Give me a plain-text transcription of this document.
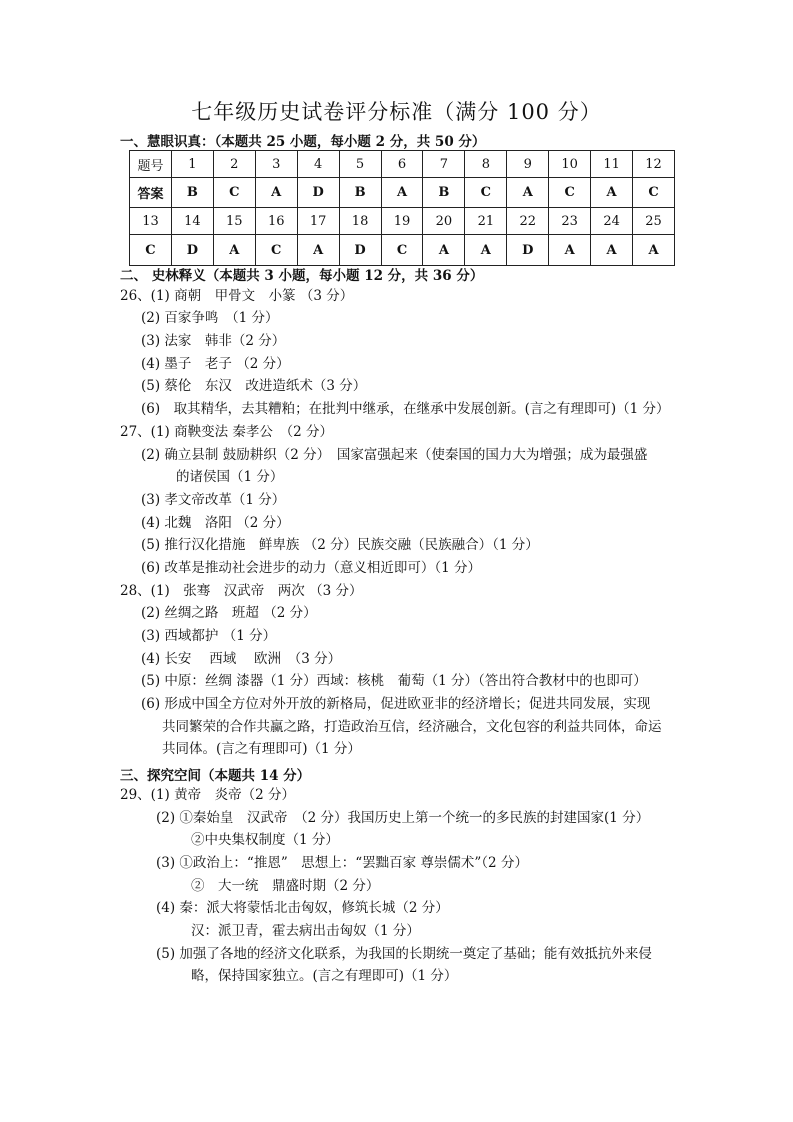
七年级历史试卷评分标准（满分 100 分）
一、慧眼识真：（本题共 25 小题，每小题 2 分，共 50 分）
题号	1	2	3	4	5	6	7	8	9	10	11	12
答案	B	C	A	D	B	A	B	C	A	C	A	C
13	14	15	16	17	18	19	20	21	22	23	24	25
C	D	A	C	A	D	C	A	A	D	A	A	A
二、 史林释义（本题共 3 小题，每小题 12 分，共 36 分）
26、(1) 商朝　甲骨文　小篆 （3 分）
(2) 百家争鸣　（1 分）
(3) 法家　韩非（2 分）
(4) 墨子　老子 （2 分）
(5) 蔡伦　东汉　改进造纸术（3 分）
(6)　取其精华，去其糟粕；在批判中继承，在继承中发展创新。(言之有理即可)（1 分）
27、(1) 商鞅变法 秦孝公　（2 分）
(2) 确立县制 鼓励耕织（2 分）　国家富强起来（使秦国的国力大为增强；成为最强盛
的诸侯国（1 分）
(3) 孝文帝改革（1 分）
(4) 北魏　洛阳 （2 分）
(5) 推行汉化措施　鲜卑族 （2 分）民族交融（民族融合）（1 分）
(6) 改革是推动社会进步的动力（意义相近即可）（1 分）
28、(1)　张骞　汉武帝　两次 （3 分）
(2) 丝绸之路　班超 （2 分）
(3) 西域都护 （1 分）
(4) 长安　 西域　 欧洲　（3 分）
(5) 中原：丝绸 漆器（1 分）西域：核桃　葡萄（1 分）（答出符合教材中的也即可）
(6) 形成中国全方位对外开放的新格局，促进欧亚非的经济增长；促进共同发展，实现
共同繁荣的合作共赢之路，打造政治互信，经济融合，文化包容的利益共同体，命运
共同体。(言之有理即可)（1 分）
三、探究空间（本题共 14 分）
29、(1) 黄帝　炎帝（2 分）
(2) ①秦始皇　汉武帝　（2 分）我国历史上第一个统一的多民族的封建国家(1 分）
②中央集权制度（1 分）
(3) ①政治上：“推恩”　思想上：“罢黜百家 尊崇儒术”（2 分）
②　大一统　鼎盛时期（2 分）
(4) 秦：派大将蒙恬北击匈奴，修筑长城（2 分）
汉：派卫青，霍去病出击匈奴（1 分）
(5) 加强了各地的经济文化联系，为我国的长期统一奠定了基础；能有效抵抗外来侵
略，保持国家独立。(言之有理即可)（1 分）
